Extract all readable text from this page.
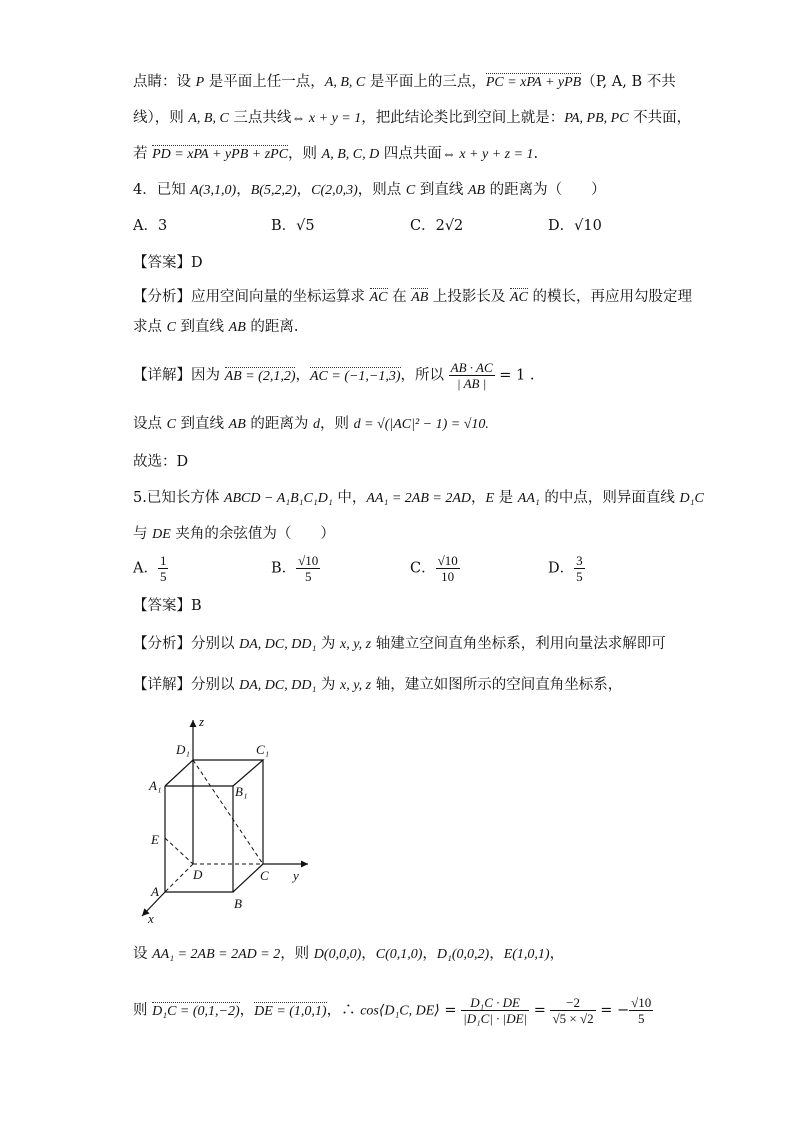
点睛：设 P 是平面上任一点，A, B, C 是平面上的三点，PC = xPA + yPB（P, A, B 不共
线），则 A, B, C 三点共线⇔ x + y = 1，把此结论类比到空间上就是：PA, PB, PC 不共面，
若 PD = xPA + yPB + zPC，则 A, B, C, D 四点共面⇔ x + y + z = 1.
4．已知 A(3,1,0)，B(5,2,2)，C(2,0,3)，则点 C 到直线 AB 的距离为（　　）
A．3	B．√5	C．2√2	D．√10
【答案】D
【分析】应用空间向量的坐标运算求 AC 在 AB 上投影长及 AC 的模长，再应用勾股定理
求点 C 到直线 AB 的距离.
【详解】因为 AB = (2,1,2)，AC = (−1,−1,3)，所以 $\frac{AB \cdot AC}{| AB |} = 1$ .
设点 C 到直线 AB 的距离为 d，则 d = √(|AC|² − 1) = √10.
故选：D
5.已知长方体 ABCD − A₁B₁C₁D₁ 中，AA₁ = 2AB = 2AD，E 是 AA₁ 的中点，则异面直线 D₁C
与 DE 夹角的余弦值为（　　）
A． $\frac{1}{5}$	B． $\frac{√10}{5}$	C． $\frac{√10}{10}$	D． $\frac{3}{5}$
【答案】B
【分析】分别以 DA, DC, DD₁ 为 x, y, z 轴建立空间直角坐标系，利用向量法求解即可
【详解】分别以 DA, DC, DD₁ 为 x, y, z 轴，建立如图所示的空间直角坐标系，
z
y
x
D₁	C₁
A₁	B₁
E
D	C
A
B
设 AA₁ = 2AB = 2AD = 2，则 D(0,0,0)，C(0,1,0)，D₁(0,0,2)，E(1,0,1)，
则 D₁C = (0,1,−2)，DE = (1,0,1)，∴ cos⟨D₁C, DE⟩ = $\frac{\text{D₁C · DE}}{\text{|D₁C| · |DE|}} = \frac{-2}{√5 \times √2}$ = − $\frac{√10}{5}$
